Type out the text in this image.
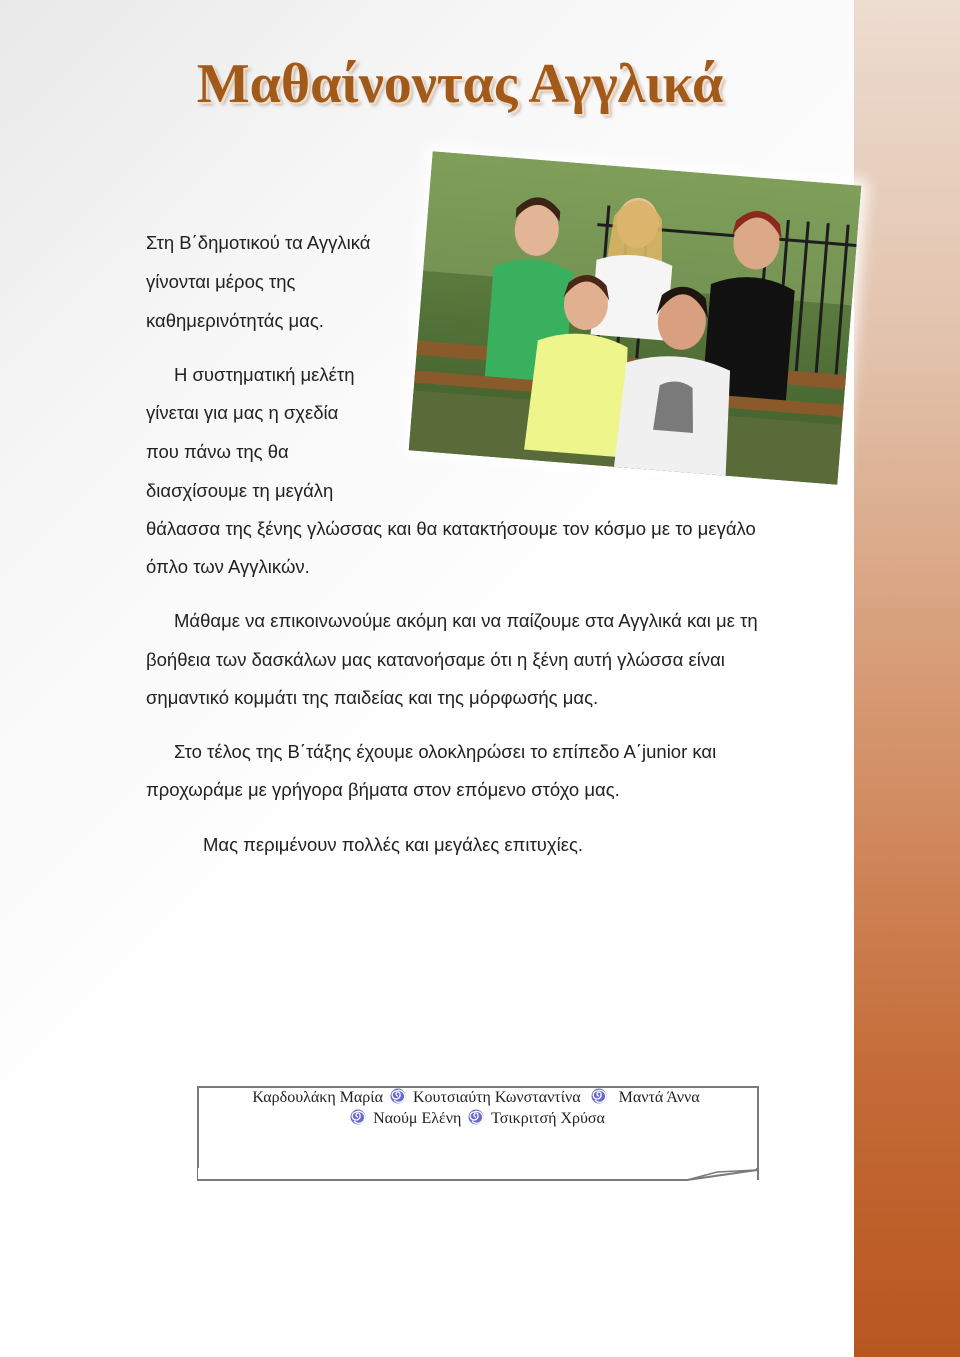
Μαθαίνοντας Αγγλικά
Στη Β΄δημοτικού τα Αγγλικά
γίνονται μέρος της
καθημερινότητάς μας.
Η συστηματική μελέτη
γίνεται για μας η σχεδία
που πάνω της θα
διασχίσουμε τη μεγάλη
θάλασσα της ξένης γλώσσας και θα κατακτήσουμε τον κόσμο με το μεγάλο
όπλο των Αγγλικών.
Μάθαμε να επικοινωνούμε ακόμη και να παίζουμε στα Αγγλικά και με τη
βοήθεια των δασκάλων μας κατανοήσαμε ότι η ξένη αυτή γλώσσα είναι
σημαντικό κομμάτι της παιδείας και της μόρφωσής μας.
Στο τέλος της Β΄τάξης έχουμε ολοκληρώσει το επίπεδο Α΄junior και
προχωράμε με γρήγορα βήματα στον επόμενο στόχο μας.
Μας περιμένουν πολλές και μεγάλες επιτυχίες.
Καρδουλάκη Μαρία Κουτσιαύτη Κωνσταντίνα Μαντά Άννα
Ναούμ Ελένη Τσικριτσή Χρύσα
